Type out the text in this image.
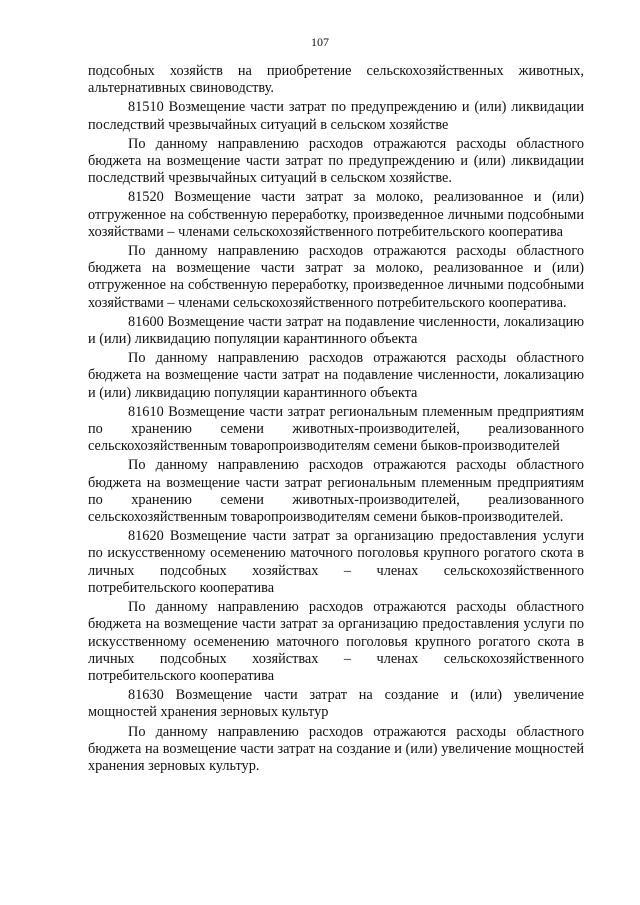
107

подсобных хозяйств на приобретение сельскохозяйственных животных, альтернативных свиноводству.

81510 Возмещение части затрат по предупреждению и (или) ликвидации последствий чрезвычайных ситуаций в сельском хозяйстве

По данному направлению расходов отражаются расходы областного бюджета на возмещение части затрат по предупреждению и (или) ликвидации последствий чрезвычайных ситуаций в сельском хозяйстве.

81520 Возмещение части затрат за молоко, реализованное и (или) отгруженное на собственную переработку, произведенное личными подсобными хозяйствами – членами сельскохозяйственного потребительского кооператива

По данному направлению расходов отражаются расходы областного бюджета на возмещение части затрат за молоко, реализованное и (или) отгруженное на собственную переработку, произведенное личными подсобными хозяйствами – членами сельскохозяйственного потребительского кооператива.

81600 Возмещение части затрат на подавление численности, локализацию и (или) ликвидацию популяции карантинного объекта

По данному направлению расходов отражаются расходы областного бюджета на возмещение части затрат на подавление численности, локализацию и (или) ликвидацию популяции карантинного объекта

81610 Возмещение части затрат региональным племенным предприятиям по хранению семени животных-производителей, реализованного сельскохозяйственным товаропроизводителям семени быков-производителей

По данному направлению расходов отражаются расходы областного бюджета на возмещение части затрат региональным племенным предприятиям по хранению семени животных-производителей, реализованного сельскохозяйственным товаропроизводителям семени быков-производителей.

81620 Возмещение части затрат за организацию предоставления услуги по искусственному осеменению маточного поголовья крупного рогатого скота в личных подсобных хозяйствах – членах сельскохозяйственного потребительского кооператива

По данному направлению расходов отражаются расходы областного бюджета на возмещение части затрат за организацию предоставления услуги по искусственному осеменению маточного поголовья крупного рогатого скота в личных подсобных хозяйствах – членах сельскохозяйственного потребительского кооператива

81630 Возмещение части затрат на создание и (или) увеличение мощностей хранения зерновых культур

По данному направлению расходов отражаются расходы областного бюджета на возмещение части затрат на создание и (или) увеличение мощностей хранения зерновых культур.
